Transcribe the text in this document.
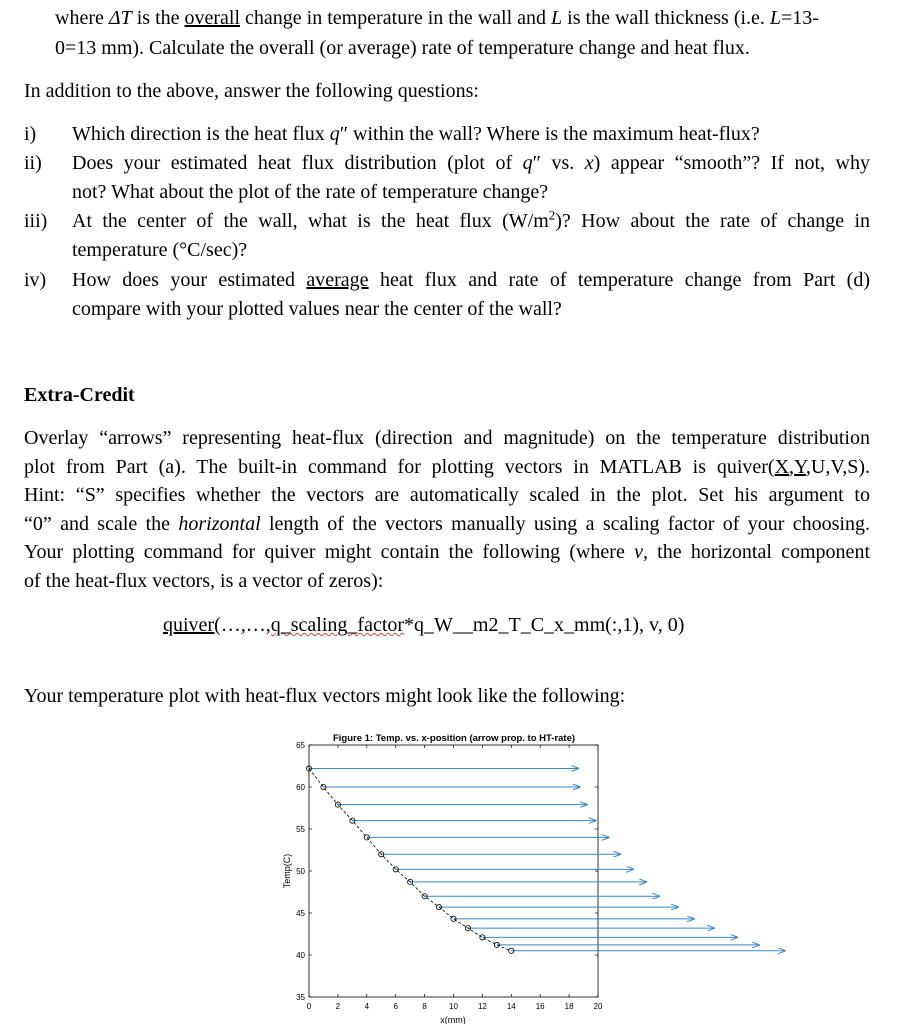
where ΔT is the overall change in temperature in the wall and L is the wall thickness (i.e. L=13-
0=13 mm). Calculate the overall (or average) rate of temperature change and heat flux.
In addition to the above, answer the following questions:
i) Which direction is the heat flux q″ within the wall? Where is the maximum heat-flux?
ii) Does your estimated heat flux distribution (plot of q″ vs. x) appear “smooth”? If not, why
not? What about the plot of the rate of temperature change?
iii) At the center of the wall, what is the heat flux $(W/m^2)$? How about the rate of change in
temperature (°C/sec)?
iv) How does your estimated average heat flux and rate of temperature change from Part (d)
compare with your plotted values near the center of the wall?
Extra-Credit
Overlay “arrows” representing heat-flux (direction and magnitude) on the temperature distribution
plot from Part (a). The built-in command for plotting vectors in MATLAB is quiver(X,Y,U,V,S).
Hint: “S” specifies whether the vectors are automatically scaled in the plot. Set his argument to
“0” and scale the horizontal length of the vectors manually using a scaling factor of your choosing.
Your plotting command for quiver might contain the following (where v, the horizontal component
of the heat-flux vectors, is a vector of zeros):
quiver(…,…,q_scaling_factor*q_W__m2_T_C_x_mm(:,1), v, 0)
Your temperature plot with heat-flux vectors might look like the following:
Figure 1: Temp. vs. x-position (arrow prop. to HT-rate)
0	2	4	6	8	10 12 14 16 18 20
35
40
45
50
55
60
65
x(mm)
Temp(C)
